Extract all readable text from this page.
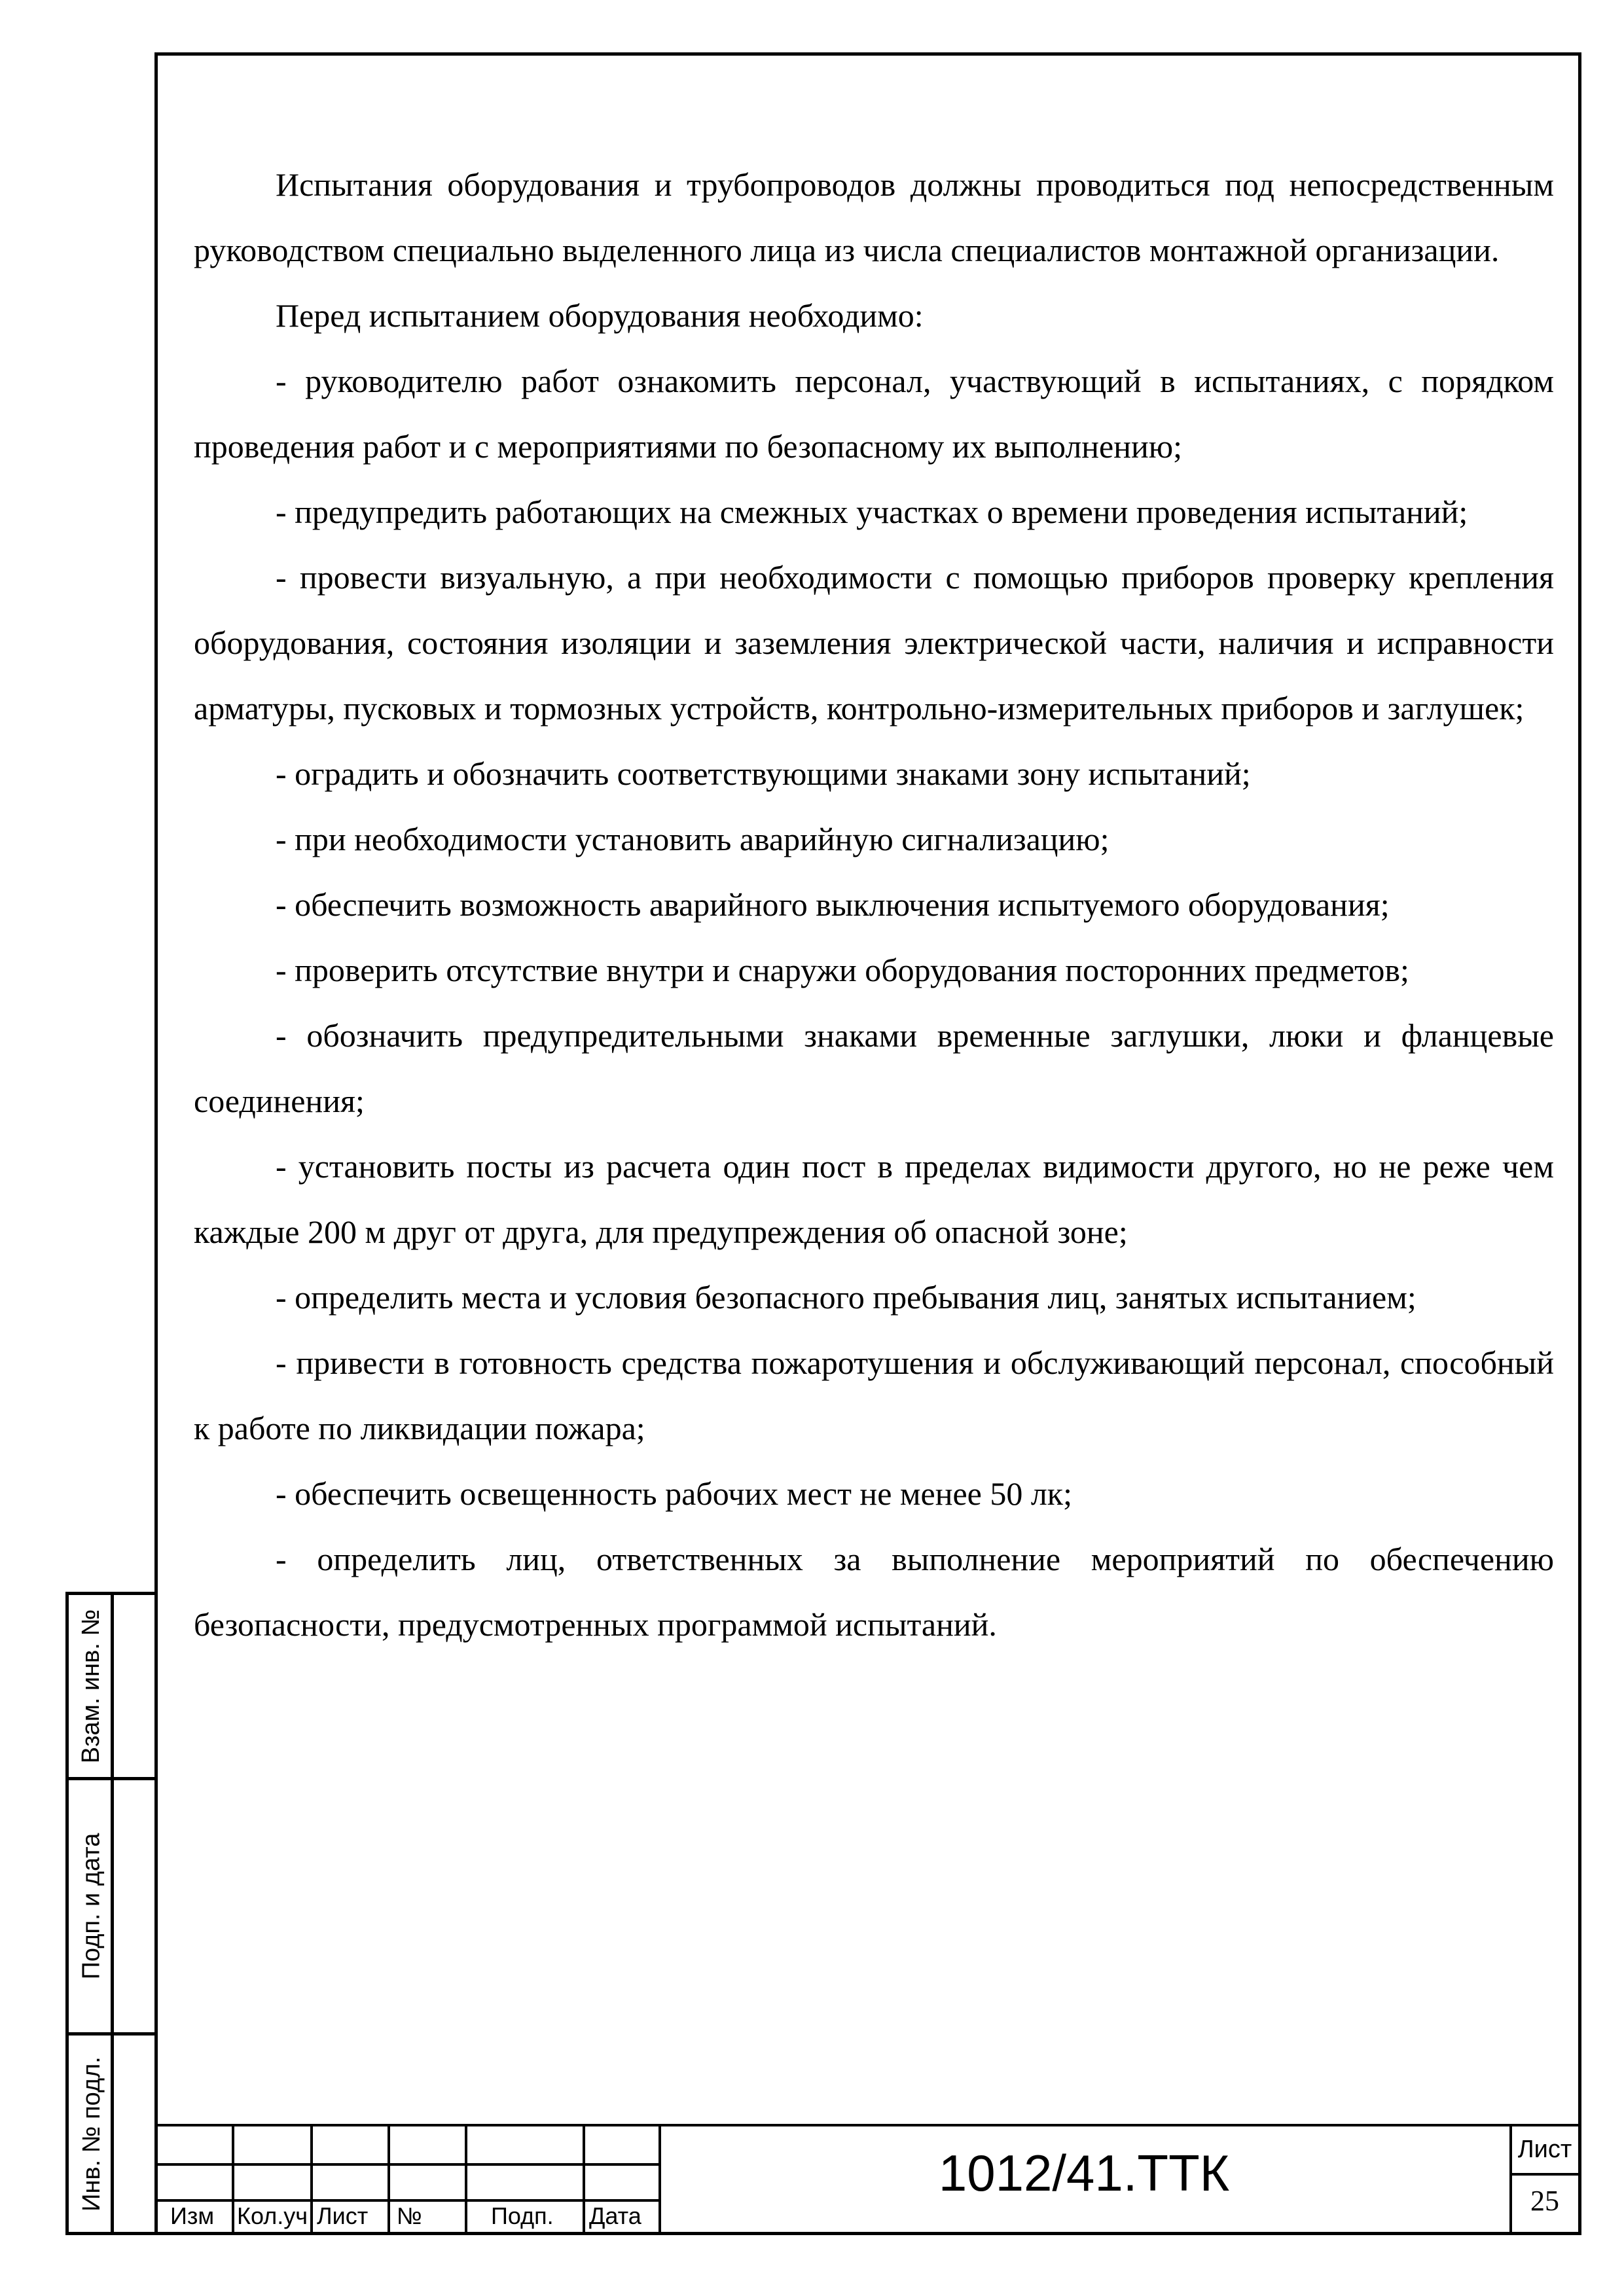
Испытания оборудования и трубопроводов должны проводиться под непосредственным руководством специально выделенного лица из числа специалистов монтажной организации.

Перед испытанием оборудования необходимо:

- руководителю работ ознакомить персонал, участвующий в испытаниях, с порядком проведения работ и с мероприятиями по безопасному их выполнению;

- предупредить работающих на смежных участках о времени проведения испытаний;

- провести визуальную, а при необходимости с помощью приборов проверку крепления оборудования, состояния изоляции и заземления электрической части, наличия и исправности арматуры, пусковых и тормозных устройств, контрольно-измерительных приборов и заглушек;

- оградить и обозначить соответствующими знаками зону испытаний;

- при необходимости установить аварийную сигнализацию;

- обеспечить возможность аварийного выключения испытуемого оборудования;

- проверить отсутствие внутри и снаружи оборудования посторонних предметов;

- обозначить предупредительными знаками временные заглушки, люки и фланцевые соединения;

- установить посты из расчета один пост в пределах видимости другого, но не реже чем каждые 200 м друг от друга, для предупреждения об опасной зоне;

- определить места и условия безопасного пребывания лиц, занятых испытанием;

- привести в готовность средства пожаротушения и обслуживающий персонал, способный к работе по ликвидации пожара;

- обеспечить освещенность рабочих мест не менее 50 лк;

- определить лиц, ответственных за выполнение мероприятий по обеспечению безопасности, предусмотренных программой испытаний.

Взам. инв. №
Подп. и дата
Инв. № подл.
Изм Кол.уч Лист №	Подп. Дата
1012/41.ТТК	Лист
25
